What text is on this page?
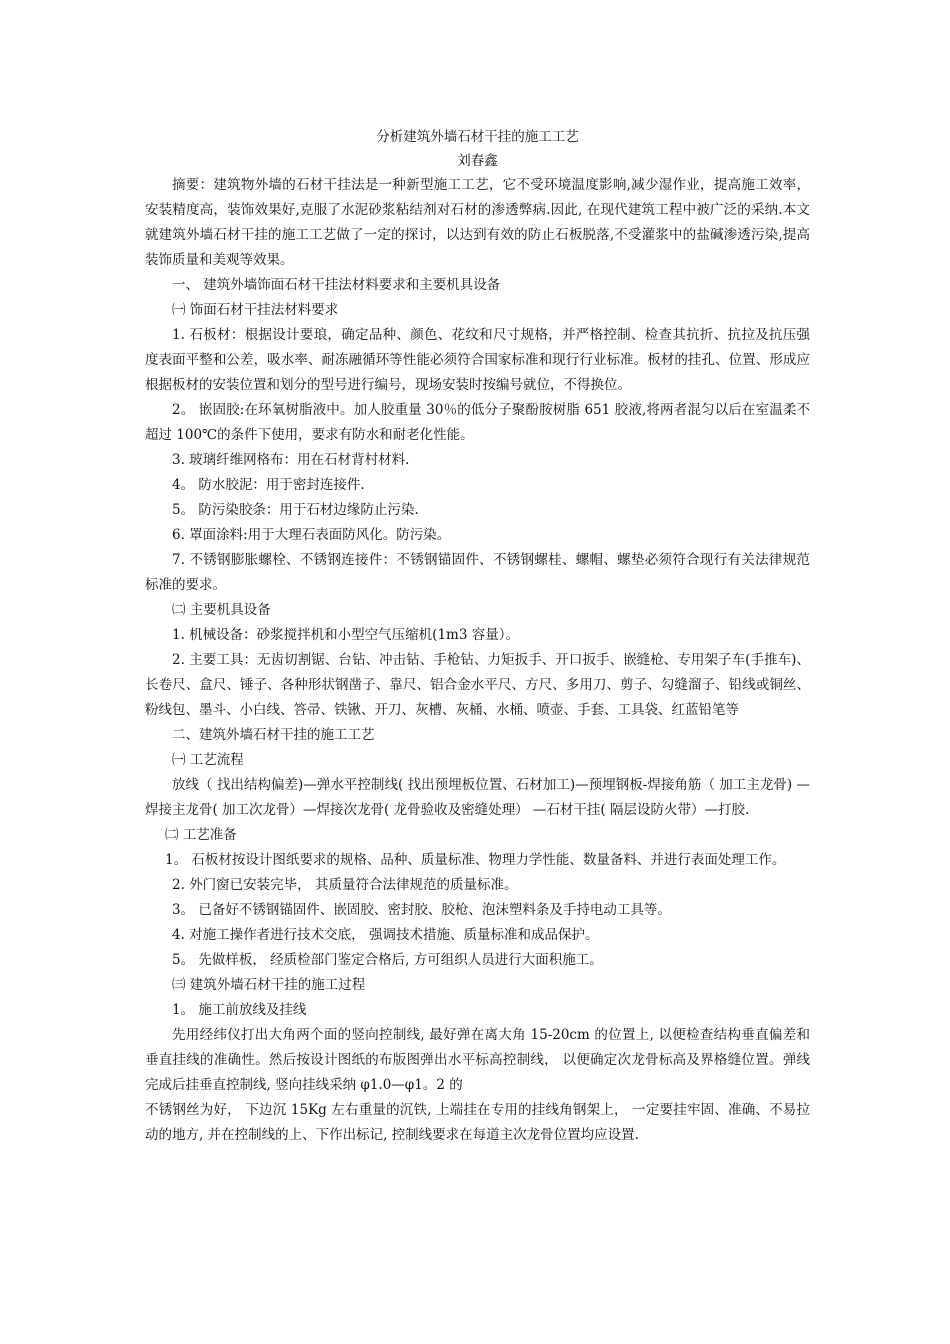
分析建筑外墙石材干挂的施工工艺
刘春鑫

摘要：建筑物外墙的石材干挂法是一种新型施工工艺，它不受环境温度影响,减少湿作业，提高施工效率，安装精度高，装饰效果好,克服了水泥砂浆粘结剂对石材的渗透弊病.因此, 在现代建筑工程中被广泛的采纳.本文就建筑外墙石材干挂的施工工艺做了一定的探讨，以达到有效的防止石板脱落,不受灌浆中的盐碱渗透污染,提高装饰质量和美观等效果。

一、 建筑外墙饰面石材干挂法材料要求和主要机具设备

㈠ 饰面石材干挂法材料要求

1. 石板材：根据设计要琅，确定品种、颜色、花纹和尺寸规格，并严格控制、检查其抗折、抗拉及抗压强度表面平整和公差，吸水率、耐冻融循环等性能必须符合国家标准和现行行业标准。板材的挂孔、位置、形成应根据板材的安装位置和划分的型号进行编号，现场安装时按编号就位，不得换位。

2。 嵌固胶:在环氧树脂液中。加人胶重量 30％的低分子聚酚胺树脂 651 胶液,将两者混匀以后在室温柔不超过 100℃的条件下使用，要求有防水和耐老化性能。

3. 玻璃纤维网格布：用在石材背村材料.

4。 防水胶泥：用于密封连接件.

5。 防污染胶条：用于石材边缘防止污染.

6. 罩面涂料:用于大理石表面防风化。防污染。

7. 不锈钢膨胀螺栓、不锈钢连接件：不锈钢锚固件、不锈钢螺桂、螺帽、螺垫必须符合现行有关法律规范标准的要求。

㈡ 主要机具设备

1. 机械设备：砂浆搅拌机和小型空气压缩机(1m3 容量）。

2. 主要工具：无齿切割锯、台钻、冲击钻、手枪钻、力矩扳手、开口扳手、嵌缝枪、专用架子车(手推车)、长卷尺、盒尺、锤子、各种形状钢凿子、靠尺、铝合金水平尺、方尺、多用刀、剪子、勾缝溜子、铅线或铜丝、粉线包、墨斗、小白线、答帚、铁锹、开刀、灰槽、灰桶、水桶、喷壶、手套、工具袋、红蓝铅笔等

二、建筑外墙石材干挂的施工工艺

㈠ 工艺流程

放线（ 找出结构偏差)—弹水平控制线( 找出预埋板位置、石材加工)—预埋钢板-焊接角筋（ 加工主龙骨) —焊接主龙骨( 加工次龙骨）—焊接次龙骨( 龙骨验收及密缝处理） —石材干挂( 隔层设防火带）—打胶.

㈡ 工艺准备

1。 石板材按设计图纸要求的规格、品种、质量标准、物理力学性能、数量备料、并进行表面处理工作。

2. 外门窗已安装完毕， 其质量符合法律规范的质量标准。

3。 已备好不锈钢锚固件、嵌固胶、密封胶、胶枪、泡沫塑料条及手持电动工具等。

4. 对施工操作者进行技术交底， 强调技术措施、质量标准和成品保护。

5。 先做样板， 经质检部门鉴定合格后, 方可组织人员进行大面积施工。

㈢ 建筑外墙石材干挂的施工过程

1。 施工前放线及挂线

先用经纬仪打出大角两个面的竖向控制线, 最好弹在离大角 15-20cm 的位置上, 以便检查结构垂直偏差和垂直挂线的准确性。然后按设计图纸的布版图弹出水平标高控制线， 以便确定次龙骨标高及界格缝位置。弹线完成后挂垂直控制线, 竖向挂线采纳 φ1.0—φ1。2 的

不锈钢丝为好， 下边沉 15Kg 左右重量的沉铁, 上端挂在专用的挂线角钢架上， 一定要挂牢固、准确、不易拉动的地方, 并在控制线的上、下作出标记, 控制线要求在每道主次龙骨位置均应设置.
